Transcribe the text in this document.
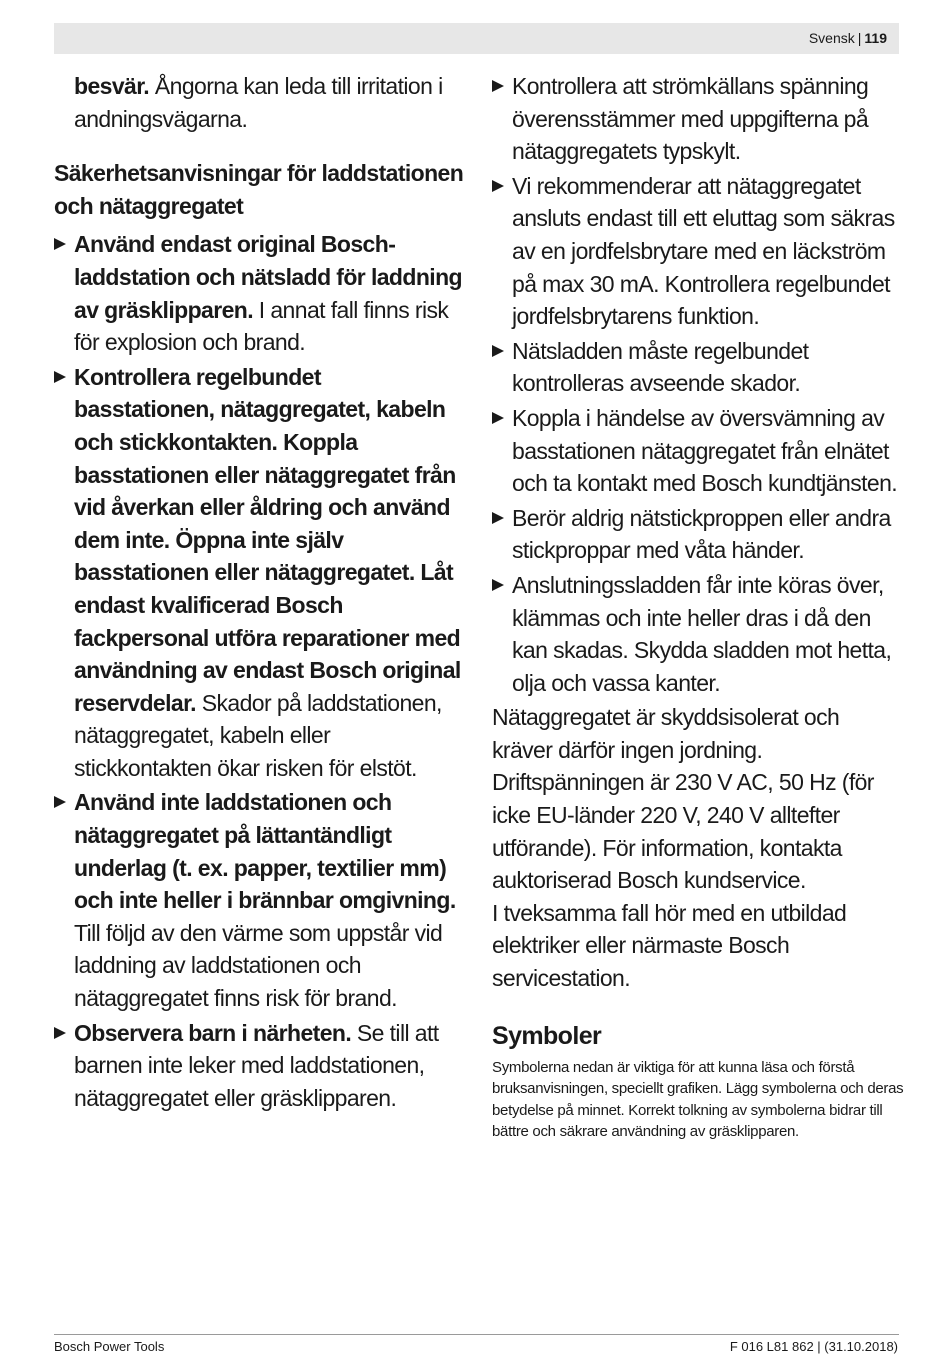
Svensk | 119

besvär. Ångorna kan leda till irritation i andningsvägarna.

Säkerhetsanvisningar för laddstationen och nätaggregatet

Använd endast original Bosch-laddstation och nätsladd för laddning av gräsklipparen. I annat fall finns risk för explosion och brand.
Kontrollera regelbundet basstationen, nätaggregatet, kabeln och stickkontakten. Koppla basstationen eller nätaggregatet från vid åverkan eller åldring och använd dem inte. Öppna inte själv basstationen eller nätaggregatet. Låt endast kvalificerad Bosch fackpersonal utföra reparationer med användning av endast Bosch original reservdelar. Skador på laddstationen, nätaggregatet, kabeln eller stickkontakten ökar risken för elstöt.
Använd inte laddstationen och nätaggregatet på lättantändligt underlag (t. ex. papper, textilier mm) och inte heller i brännbar omgivning. Till följd av den värme som uppstår vid laddning av laddstationen och nätaggregatet finns risk för brand.
Observera barn i närheten. Se till att barnen inte leker med laddstationen, nätaggregatet eller gräsklipparen.
Kontrollera att strömkällans spänning överensstämmer med uppgifterna på nätaggregatets typskylt.
Vi rekommenderar att nätaggregatet ansluts endast till ett eluttag som säkras av en jordfelsbrytare med en läckström på max 30 mA. Kontrollera regelbundet jordfelsbrytarens funktion.
Nätsladden måste regelbundet kontrolleras avseende skador.
Koppla i händelse av översvämning av basstationen nätaggregatet från elnätet och ta kontakt med Bosch kundtjänsten.
Berör aldrig nätstickproppen eller andra stickproppar med våta händer.
Anslutningssladden får inte köras över, klämmas och inte heller dras i då den kan skadas. Skydda sladden mot hetta, olja och vassa kanter.

Nätaggregatet är skyddsisolerat och kräver därför ingen jordning. Driftspänningen är 230 V AC, 50 Hz (för icke EU-länder 220 V, 240 V alltefter utförande). För information, kontakta auktoriserad Bosch kundservice.

I tveksamma fall hör med en utbildad elektriker eller närmaste Bosch servicestation.

Symboler

Symbolerna nedan är viktiga för att kunna läsa och förstå bruksanvisningen, speciellt grafiken. Lägg symbolerna och deras betydelse på minnet. Korrekt tolkning av symbolerna bidrar till bättre och säkrare användning av gräsklipparen.

Bosch Power Tools	F 016 L81 862 | (31.10.2018)
